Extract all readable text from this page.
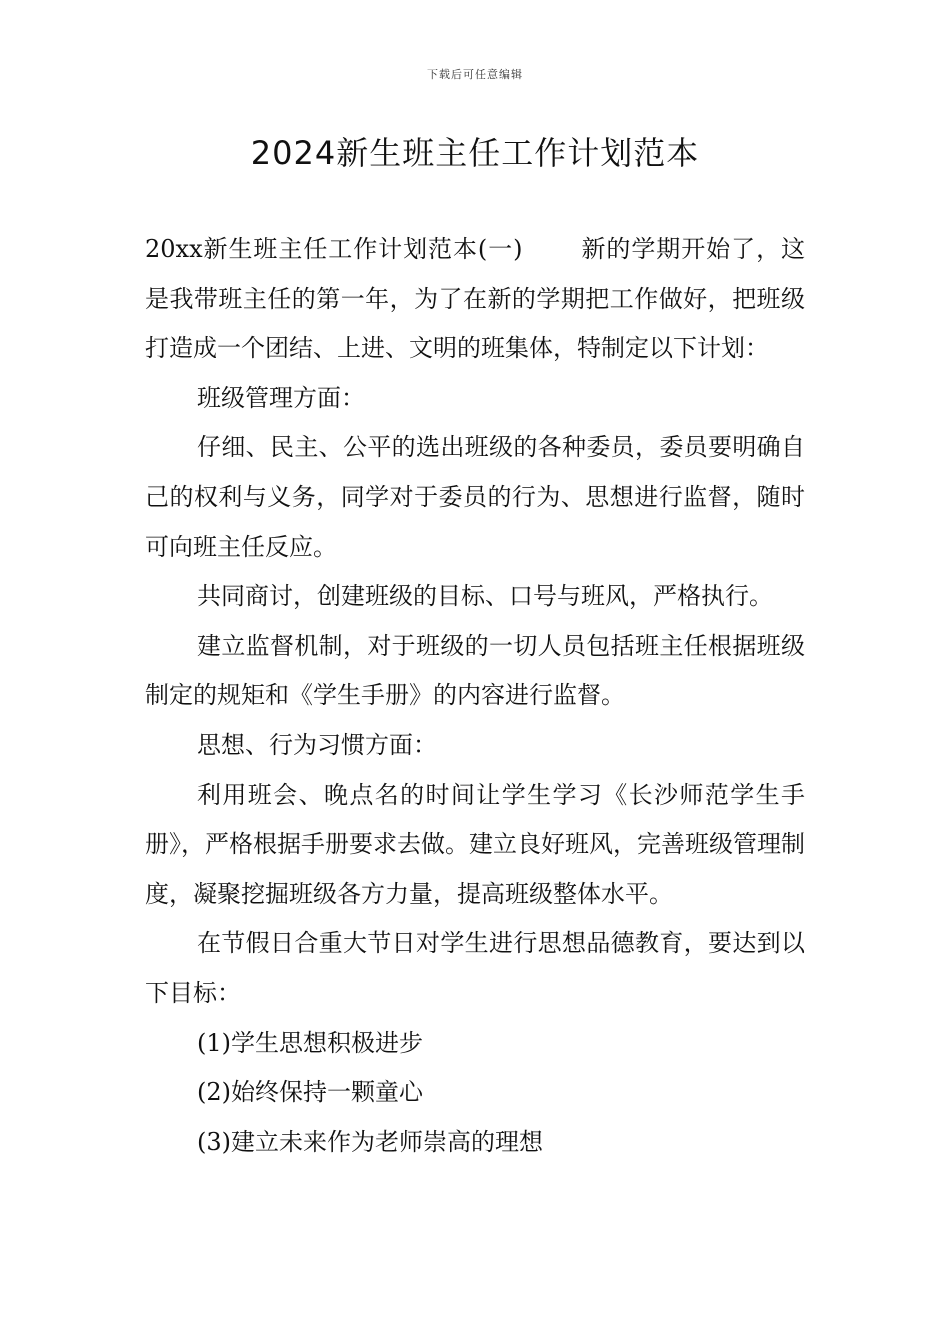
下载后可任意编辑
2024新生班主任工作计划范本

20xx新生班主任工作计划范本(一) 新的学期开始了，这是我带班主任的第一年，为了在新的学期把工作做好，把班级打造成一个团结、上进、文明的班集体，特制定以下计划：

班级管理方面：

仔细、民主、公平的选出班级的各种委员，委员要明确自己的权利与义务，同学对于委员的行为、思想进行监督，随时可向班主任反应。

共同商讨，创建班级的目标、口号与班风，严格执行。

建立监督机制，对于班级的一切人员包括班主任根据班级制定的规矩和《学生手册》的内容进行监督。

思想、行为习惯方面：

利用班会、晚点名的时间让学生学习《长沙师范学生手册》，严格根据手册要求去做。建立良好班风，完善班级管理制度，凝聚挖掘班级各方力量，提高班级整体水平。

在节假日合重大节日对学生进行思想品德教育，要达到以下目标：

(1)学生思想积极进步

(2)始终保持一颗童心

(3)建立未来作为老师崇高的理想
